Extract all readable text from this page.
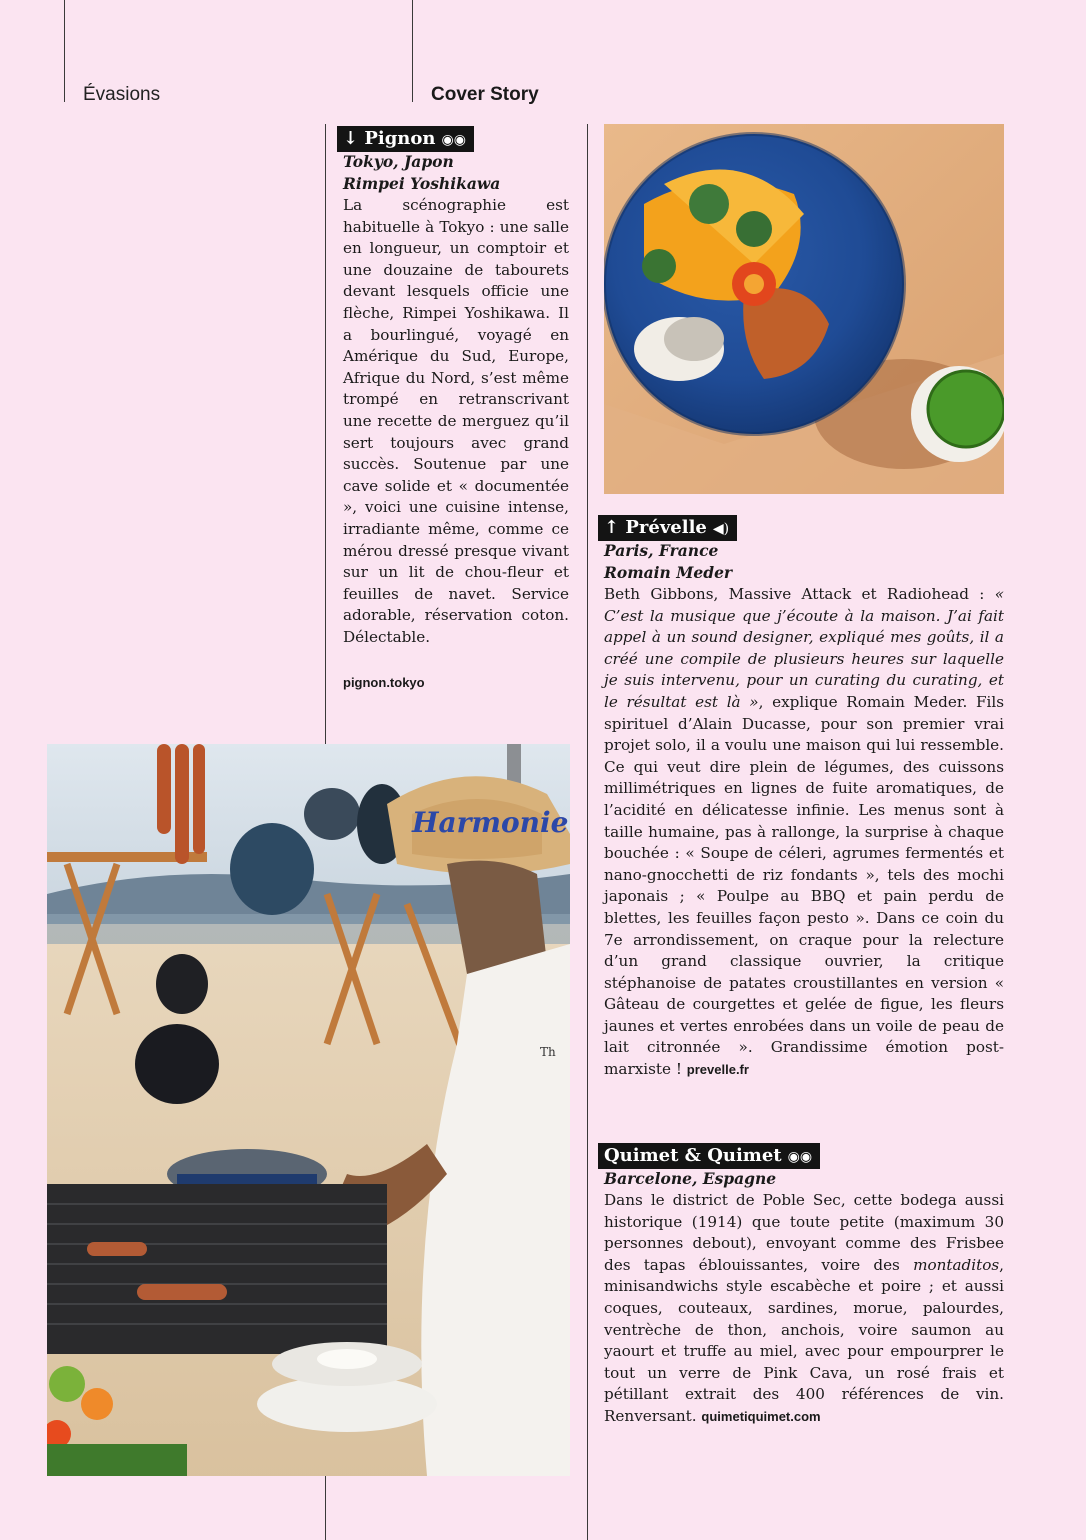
Évasions	Cover Story
↓ Pignon ◉◉
Tokyo, Japon
Rimpei Yoshikawa

La scénographie est habituelle à Tokyo : une salle en longueur, un comptoir et une douzaine de tabourets devant lesquels officie une flèche, Rimpei Yoshikawa. Il a bourlingué, voyagé en Amérique du Sud, Europe, Afrique du Nord, s’est même trompé en retranscrivant une recette de merguez qu’il sert toujours avec grand succès. Soutenue par une cave solide et « documentée », voici une cuisine intense, irradiante même, comme ce mérou dressé presque vivant sur un lit de chou-fleur et feuilles de navet. Service adorable, réservation coton. Délectable.

pignon.tokyo
↑ Prévelle ◀)
Paris, France
Romain Meder

Beth Gibbons, Massive Attack et Radiohead : « C’est la musique que j’écoute à la maison. J’ai fait appel à un sound designer, expliqué mes goûts, il a créé une compile de plusieurs heures sur laquelle je suis intervenu, pour un curating du curating, et le résultat est là », explique Romain Meder. Fils spirituel d’Alain Ducasse, pour son premier vrai projet solo, il a voulu une maison qui lui ressemble. Ce qui veut dire plein de légumes, des cuissons millimétriques en lignes de fuite aromatiques, de l’acidité en délicatesse infinie. Les menus sont à taille humaine, pas à rallonge, la surprise à chaque bouchée : « Soupe de céleri, agrumes fermentés et nano-gnocchetti de riz fondants », tels des mochi japonais ; « Poulpe au BBQ et pain perdu de blettes, les feuilles façon pesto ». Dans ce coin du 7e arrondissement, on craque pour la relecture d’un grand classique ouvrier, la critique stéphanoise de patates croustillantes en version « Gâteau de courgettes et gelée de figue, les fleurs jaunes et vertes enrobées dans un voile de peau de lait citronnée ». Grandissime émotion post-marxiste ! prevelle.fr

Quimet & Quimet ◉◉
Barcelone, Espagne

Dans le district de Poble Sec, cette bodega aussi historique (1914) que toute petite (maximum 30 personnes debout), envoyant comme des Frisbee des tapas éblouissantes, voire des montaditos, minisandwichs style escabèche et poire ; et aussi coques, couteaux, sardines, morue, palourdes, ventrèche de thon, anchois, voire saumon au yaourt et truffe au miel, avec pour empourprer le tout un verre de Pink Cava, un rosé frais et pétillant extrait des 400 références de vin. Renversant. quimetiquimet.com

Harmonie
Th
